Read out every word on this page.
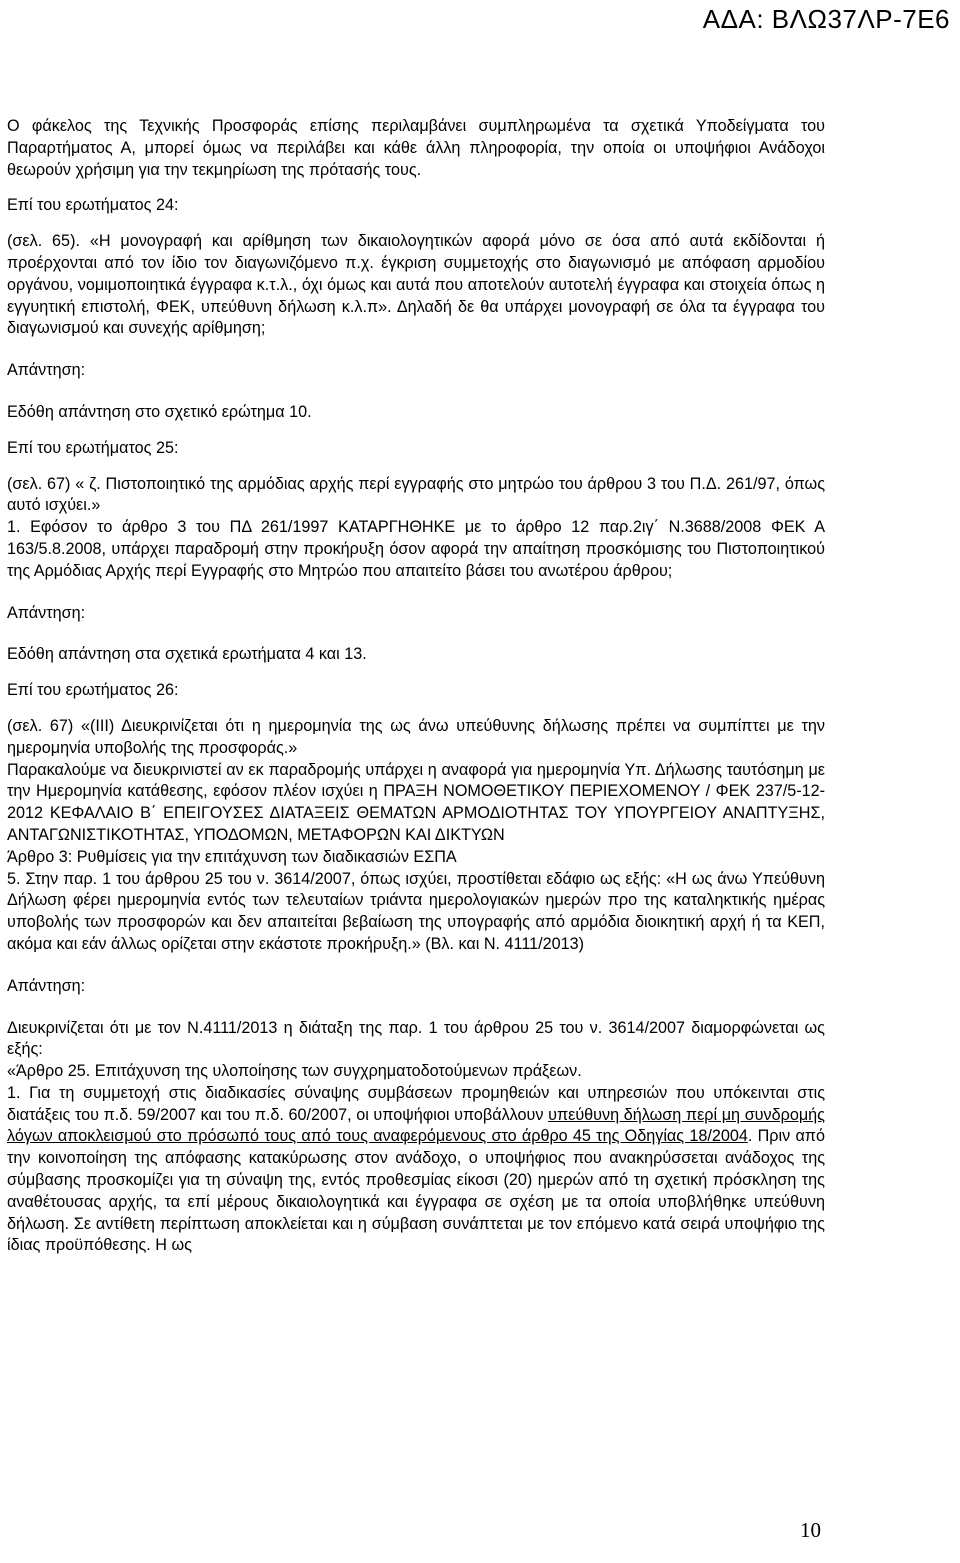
ΑΔΑ: ΒΛΩ37ΛΡ-7Ε6

Ο φάκελος της Τεχνικής Προσφοράς επίσης περιλαμβάνει συμπληρωμένα τα σχετικά Υποδείγματα του Παραρτήματος Α, μπορεί όμως να περιλάβει και κάθε άλλη πληροφορία, την οποία οι υποψήφιοι Ανάδοχοι θεωρούν χρήσιμη για την τεκμηρίωση της πρότασής τους.

Επί του ερωτήματος 24:

(σελ. 65). «Η μονογραφή και αρίθμηση των δικαιολογητικών αφορά μόνο σε όσα από αυτά εκδίδονται ή προέρχονται από τον ίδιο τον διαγωνιζόμενο π.χ. έγκριση συμμετοχής στο διαγωνισμό με απόφαση αρμοδίου οργάνου, νομιμοποιητικά έγγραφα κ.τ.λ., όχι όμως και αυτά που αποτελούν αυτοτελή έγγραφα και στοιχεία όπως η εγγυητική επιστολή, ΦΕΚ, υπεύθυνη δήλωση κ.λ.π». Δηλαδή δε θα υπάρχει μονογραφή σε όλα τα έγγραφα του διαγωνισμού και συνεχής αρίθμηση;

Απάντηση:

Εδόθη απάντηση στο σχετικό ερώτημα 10.

Επί του ερωτήματος 25:

(σελ. 67) « ζ. Πιστοποιητικό της αρμόδιας αρχής περί εγγραφής στο μητρώο του άρθρου 3 του Π.Δ. 261/97, όπως αυτό ισχύει.»

1. Εφόσον το άρθρο 3 του ΠΔ 261/1997 ΚΑΤΑΡΓΗΘΗΚΕ με το άρθρο 12 παρ.2ιγ΄ Ν.3688/2008 ΦΕΚ Α 163/5.8.2008, υπάρχει παραδρομή στην προκήρυξη όσον αφορά την απαίτηση προσκόμισης του Πιστοποιητικού της Αρμόδιας Αρχής περί Εγγραφής στο Μητρώο που απαιτείτο βάσει του ανωτέρου άρθρου;

Απάντηση:

Εδόθη απάντηση στα σχετικά ερωτήματα 4 και 13.

Επί του ερωτήματος 26:

(σελ. 67) «(III) Διευκρινίζεται ότι η ημερομηνία της ως άνω υπεύθυνης δήλωσης πρέπει να συμπίπτει με την ημερομηνία υποβολής της προσφοράς.»

Παρακαλούμε να διευκρινιστεί αν εκ παραδρομής υπάρχει η αναφορά για ημερομηνία Υπ. Δήλωσης ταυτόσημη με την Ημερομηνία κατάθεσης, εφόσον πλέον ισχύει η ΠΡΑΞΗ ΝΟΜΟΘΕΤΙΚΟΥ ΠΕΡΙΕΧΟΜΕΝΟΥ / ΦΕΚ 237/5-12-2012 ΚΕΦΑΛΑΙΟ Β΄ ΕΠΕΙΓΟΥΣΕΣ ΔΙΑΤΑΞΕΙΣ ΘΕΜΑΤΩΝ ΑΡΜΟΔΙΟΤΗΤΑΣ ΤΟΥ ΥΠΟΥΡΓΕΙΟΥ ΑΝΑΠΤΥΞΗΣ, ΑΝΤΑΓΩΝΙΣΤΙΚΟΤΗΤΑΣ, ΥΠΟΔΟΜΩΝ, ΜΕΤΑΦΟΡΩΝ ΚΑΙ ΔΙΚΤΥΩΝ

Άρθρο 3: Ρυθμίσεις για την επιτάχυνση των διαδικασιών ΕΣΠΑ

5. Στην παρ. 1 του άρθρου 25 του ν. 3614/2007, όπως ισχύει, προστίθεται εδάφιο ως εξής: «Η ως άνω Υπεύθυνη Δήλωση φέρει ημερομηνία εντός των τελευταίων τριάντα ημερολογιακών ημερών προ της καταληκτικής ημέρας υποβολής των προσφορών και δεν απαιτείται βεβαίωση της υπογραφής από αρμόδια διοικητική αρχή ή τα ΚΕΠ, ακόμα και εάν άλλως ορίζεται στην εκάστοτε προκήρυξη.» (Βλ. και Ν. 4111/2013)

Απάντηση:

Διευκρινίζεται ότι με τον Ν.4111/2013 η διάταξη της παρ. 1 του άρθρου 25 του ν. 3614/2007 διαμορφώνεται ως εξής:

«Άρθρο 25. Επιτάχυνση της υλοποίησης των συγχρηματοδοτούμενων πράξεων.

1. Για τη συμμετοχή στις διαδικασίες σύναψης συμβάσεων προμηθειών και υπηρεσιών που υπόκεινται στις διατάξεις του π.δ. 59/2007 και του π.δ. 60/2007, οι υποψήφιοι υποβάλλουν υπεύθυνη δήλωση περί μη συνδρομής λόγων αποκλεισμού στο πρόσωπό τους από τους αναφερόμενους στο άρθρο 45 της Οδηγίας 18/2004. Πριν από την κοινοποίηση της απόφασης κατακύρωσης στον ανάδοχο, ο υποψήφιος που ανακηρύσσεται ανάδοχος της σύμβασης προσκομίζει για τη σύναψη της, εντός προθεσμίας είκοσι (20) ημερών από τη σχετική πρόσκληση της αναθέτουσας αρχής, τα επί μέρους δικαιολογητικά και έγγραφα σε σχέση με τα οποία υποβλήθηκε υπεύθυνη δήλωση. Σε αντίθετη περίπτωση αποκλείεται και η σύμβαση συνάπτεται με τον επόμενο κατά σειρά υποψήφιο της ίδιας προϋπόθεσης. Η ως

10
